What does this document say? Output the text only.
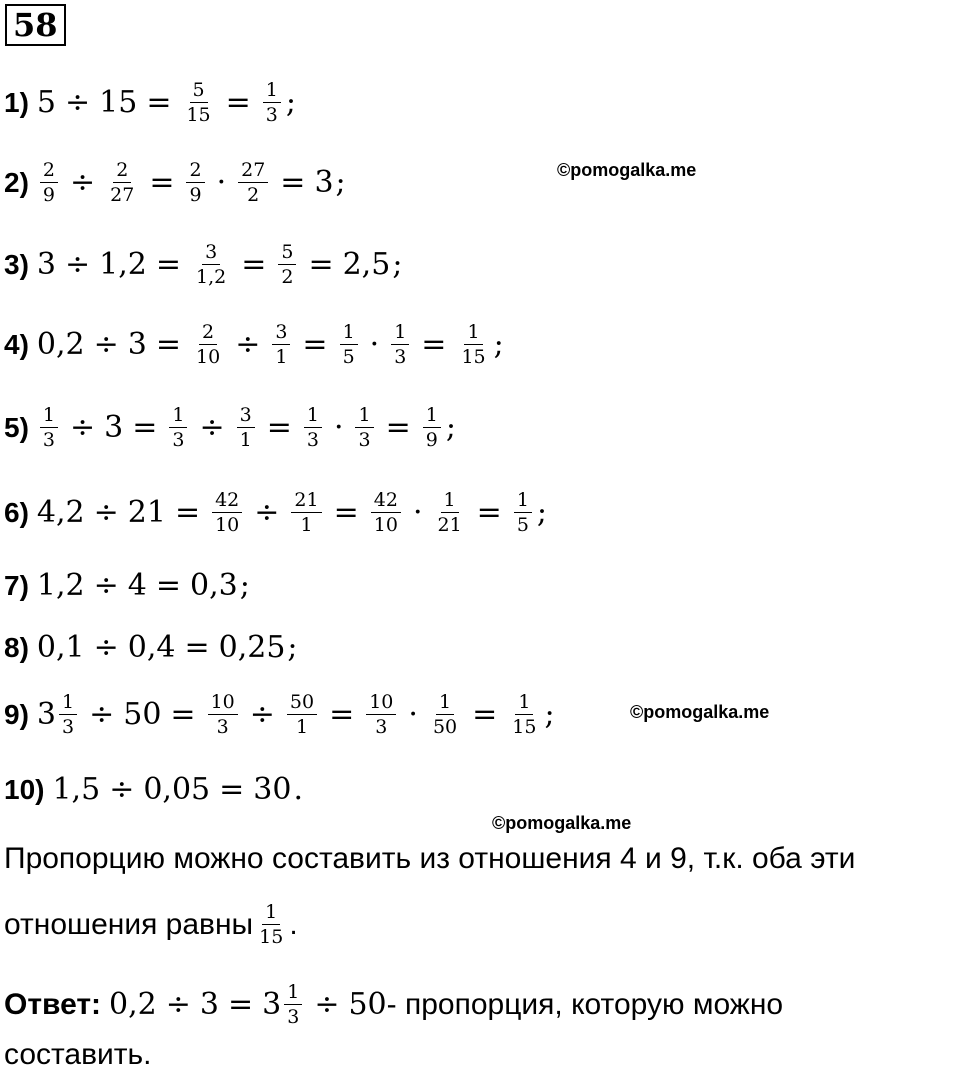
58
1) $5 \div 15 = \frac{5}{15} = \frac{1}{3}$ ;
$2) \frac{2}{9} \div \frac{2}{27} = \frac{2}{9} \cdot \frac{27}{2} = 3$ ;
3) $3 \div 1,2 = \frac{3}{1,2} = \frac{5}{2} = 2,5$ ;
4) $0,2 \div 3 = \frac{2}{10} \div \frac{3}{1} = \frac{1}{5} \cdot \frac{1}{3} = \frac{1}{15}$ ;
$5) \frac{1}{3} \div 3 = \frac{1}{3} \div \frac{3}{1} = \frac{1}{3} \cdot \frac{1}{3} = \frac{1}{9}$ ;
6) $4,2 \div 21 = \frac{42}{10} \div \frac{21}{1} = \frac{42}{10} \cdot \frac{1}{21} = \frac{1}{5}$ ;
7) 1,2 ÷ 4 = 0,3 ;
8) 0,1 ÷ 0,4 = 0,25 ;
9) $3 \frac{1}{3} \div 50 = \frac{10}{3} \div \frac{50}{1} = \frac{10}{3} \cdot \frac{1}{50} = \frac{1}{15}$ ;
10) 1,5 ÷ 0,05 = 30 .
©pomogalka.me
©pomogalka.me
©pomogalka.me
Пропорцию можно составить из отношения 4 и 9, т.к. оба эти
отношения равны $\frac{1}{15}$ .
Ответ: $0,2 \div 3 = 3 \frac{1}{3} \div 50$ - пропорция, которую можно
составить.
